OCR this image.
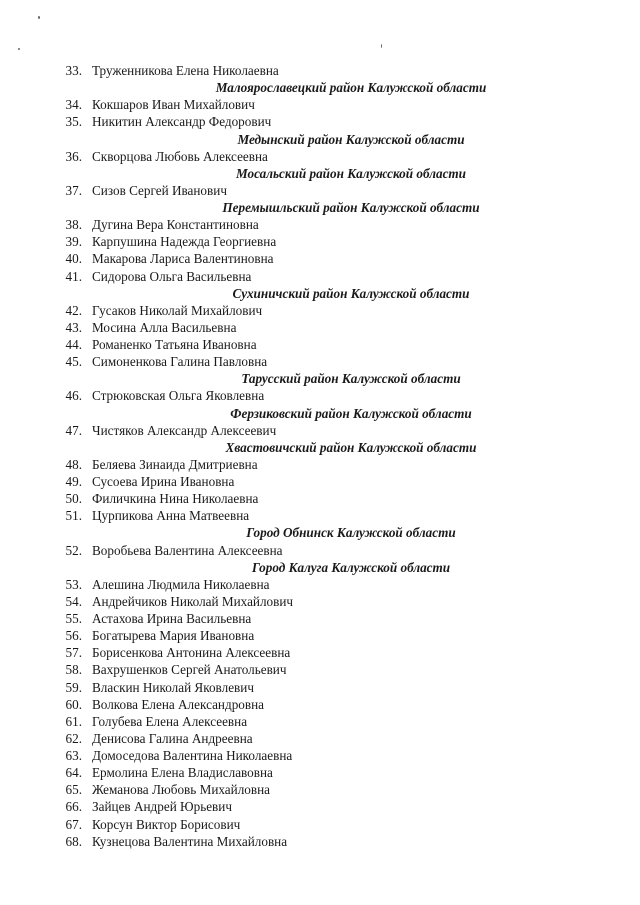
33. Труженникова Елена Николаевна
Малоярославецкий район Калужской области
34. Кокшаров Иван Михайлович
35. Никитин Александр Федорович
Медынский район Калужской области
36. Скворцова Любовь Алексеевна
Мосальский район Калужской области
37. Сизов Сергей Иванович
Перемышльский район Калужской области
38. Дугина Вера Константиновна
39. Карпушина Надежда Георгиевна
40. Макарова Лариса Валентиновна
41. Сидорова Ольга Васильевна
Сухиничский район Калужской области
42. Гусаков Николай Михайлович
43. Мосина Алла Васильевна
44. Романенко Татьяна Ивановна
45. Симоненкова Галина Павловна
Тарусский район Калужской области
46. Стрюковская Ольга Яковлевна
Ферзиковский район Калужской области
47. Чистяков Александр Алексеевич
Хвастовичский район Калужской области
48. Беляева Зинаида Дмитриевна
49. Сусоева Ирина Ивановна
50. Филичкина Нина Николаевна
51. Цурпикова Анна Матвеевна
Город Обнинск Калужской области
52. Воробьева Валентина Алексеевна
Город Калуга Калужской области
53. Алешина Людмила Николаевна
54. Андрейчиков Николай Михайлович
55. Астахова Ирина Васильевна
56. Богатырева Мария Ивановна
57. Борисенкова Антонина Алексеевна
58. Вахрушенков Сергей Анатольевич
59. Власкин Николай Яковлевич
60. Волкова Елена Александровна
61. Голубева Елена Алексеевна
62. Денисова Галина Андреевна
63. Домоседова Валентина Николаевна
64. Ермолина Елена Владиславовна
65. Жеманова Любовь Михайловна
66. Зайцев Андрей Юрьевич
67. Корсун Виктор Борисович
68. Кузнецова Валентина Михайловна
